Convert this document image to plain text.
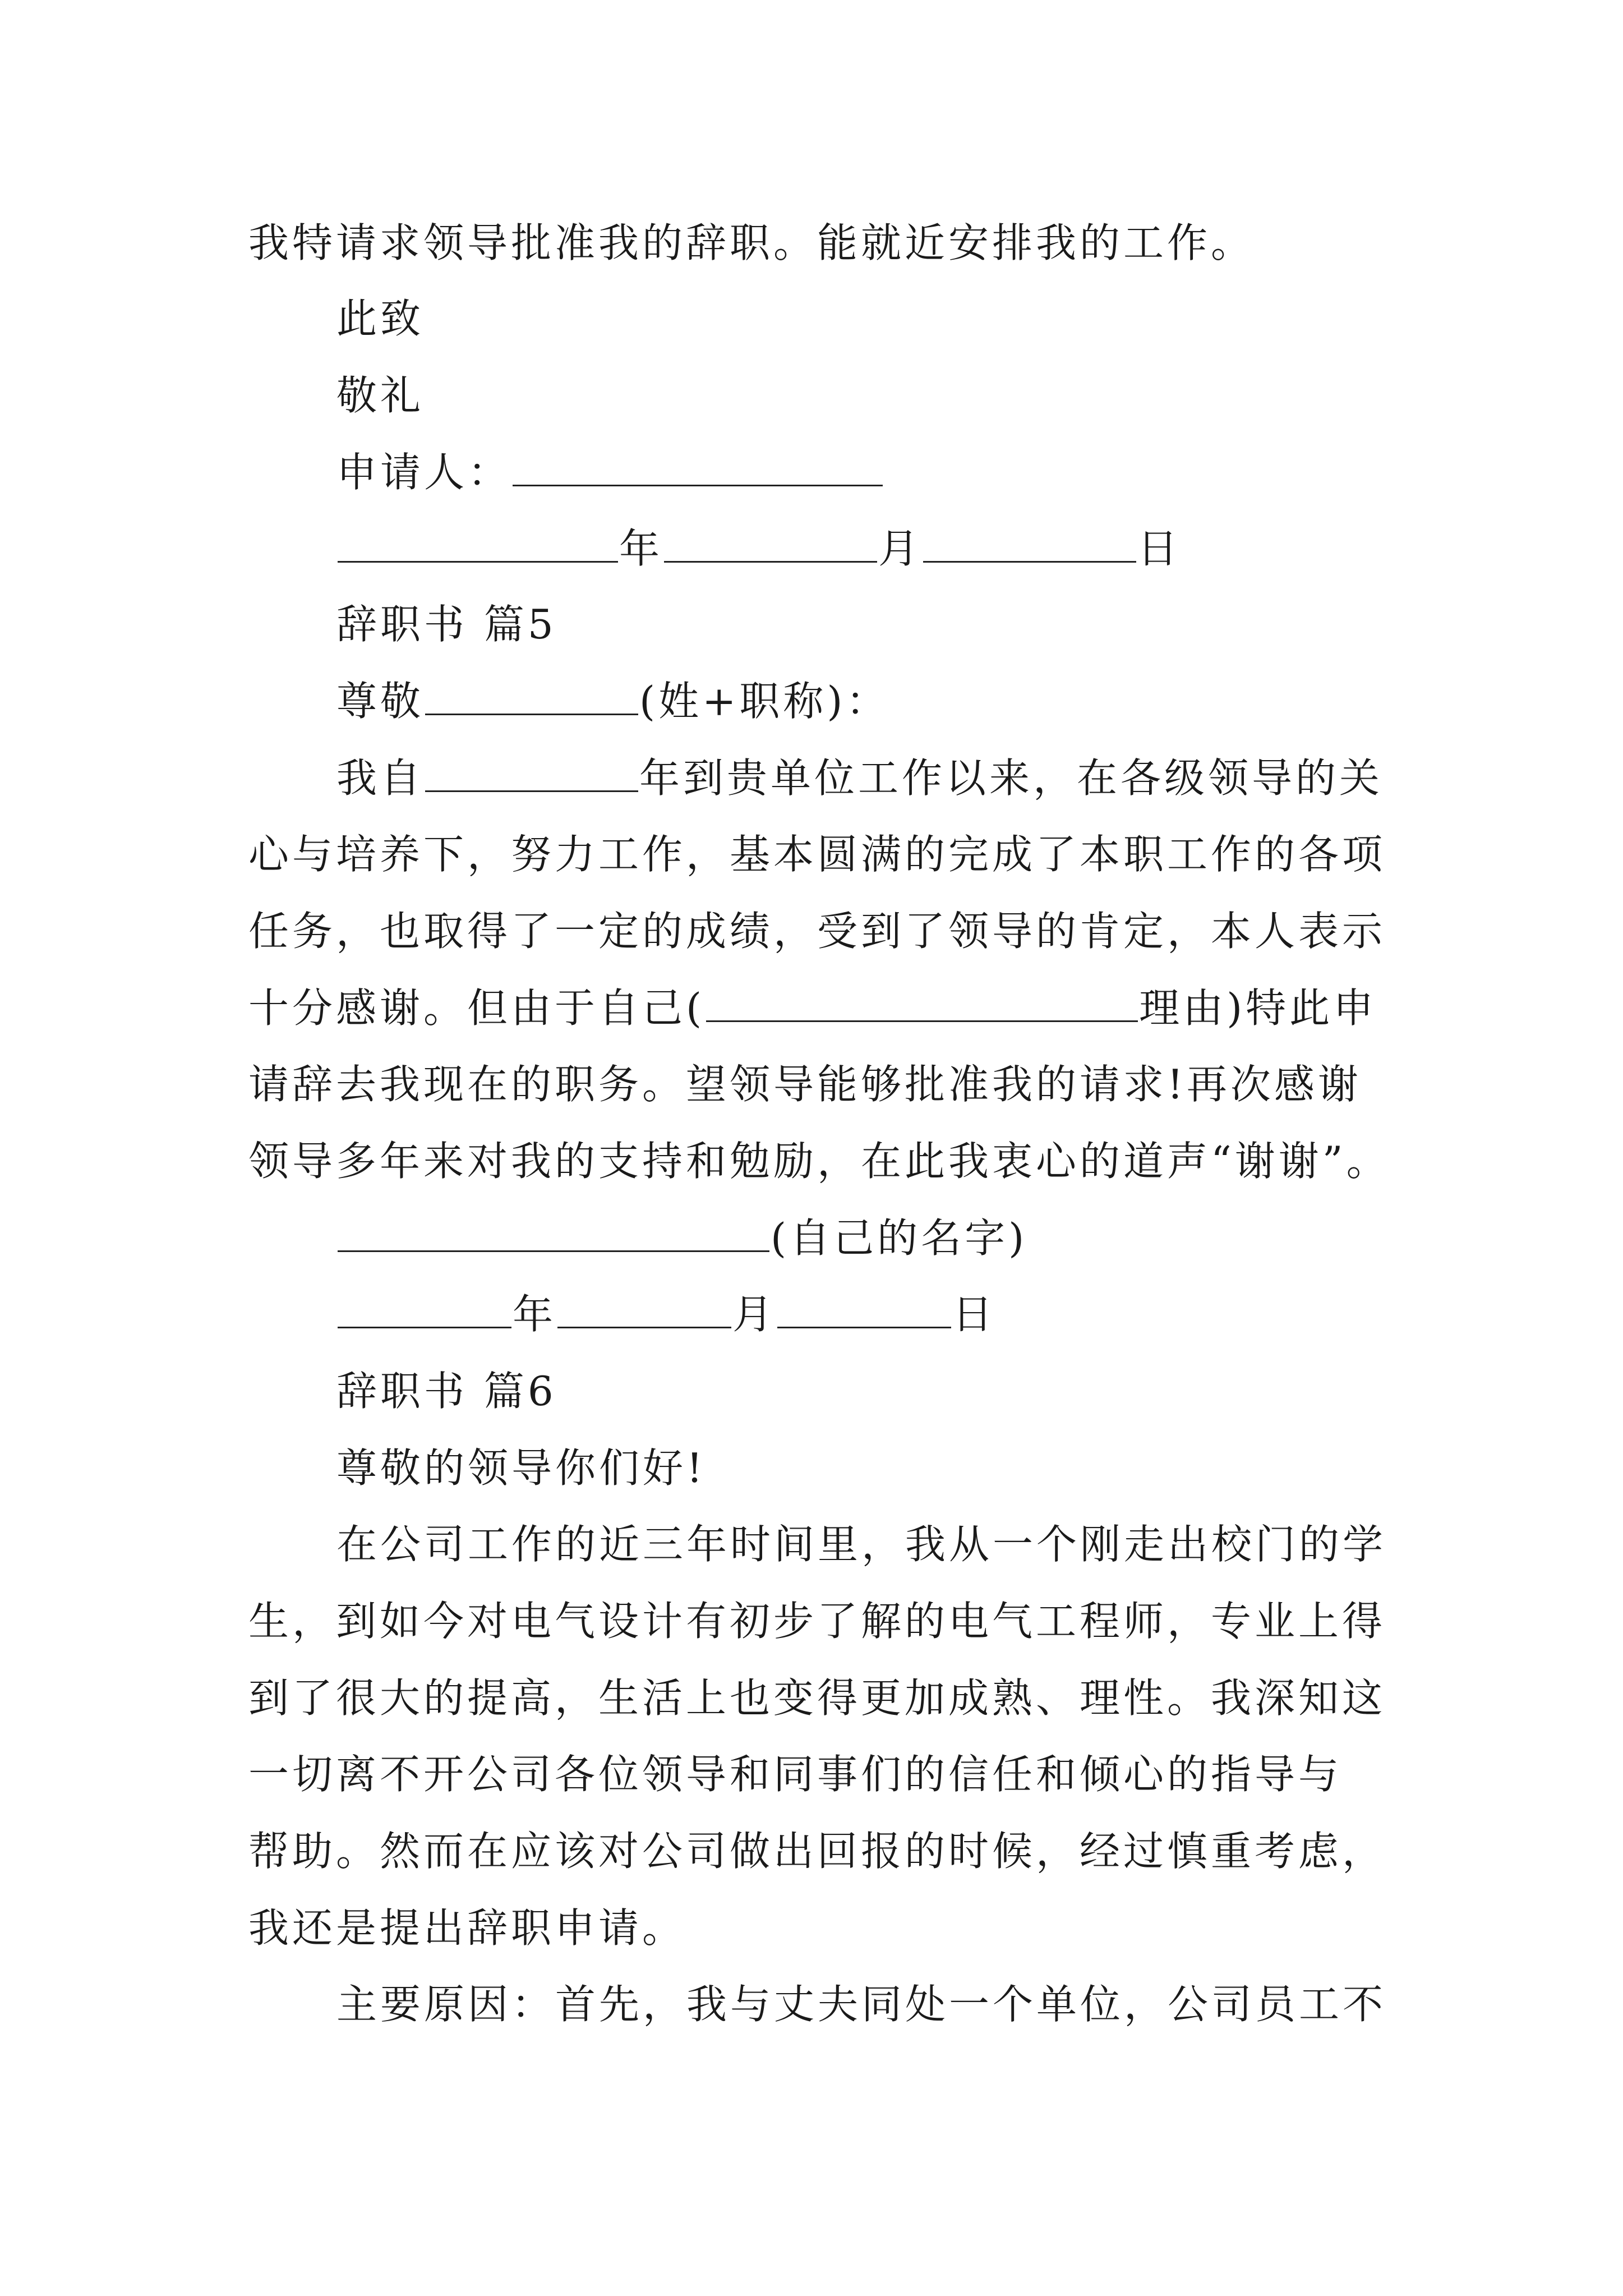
我特请求领导批准我的辞职。能就近安排我的工作。
此致
敬礼
申请人：
年	月	日
辞职书 篇5
尊敬	(姓+职称)：
我自	年到贵单位工作以来，在各级领导的关
心与培养下，努力工作，基本圆满的完成了本职工作的各项
任务，也取得了一定的成绩，受到了领导的肯定，本人表示
十分感谢。但由于自己(	理由)特此申
请辞去我现在的职务。望领导能够批准我的请求!再次感谢
领导多年来对我的支持和勉励，在此我衷心的道声“谢谢”。
(自己的名字)
年	月	日
辞职书 篇6
尊敬的领导你们好!
在公司工作的近三年时间里，我从一个刚走出校门的学
生，到如今对电气设计有初步了解的电气工程师，专业上得
到了很大的提高，生活上也变得更加成熟、理性。我深知这
一切离不开公司各位领导和同事们的信任和倾心的指导与
帮助。然而在应该对公司做出回报的时候，经过慎重考虑，
我还是提出辞职申请。
主要原因：首先，我与丈夫同处一个单位，公司员工不
